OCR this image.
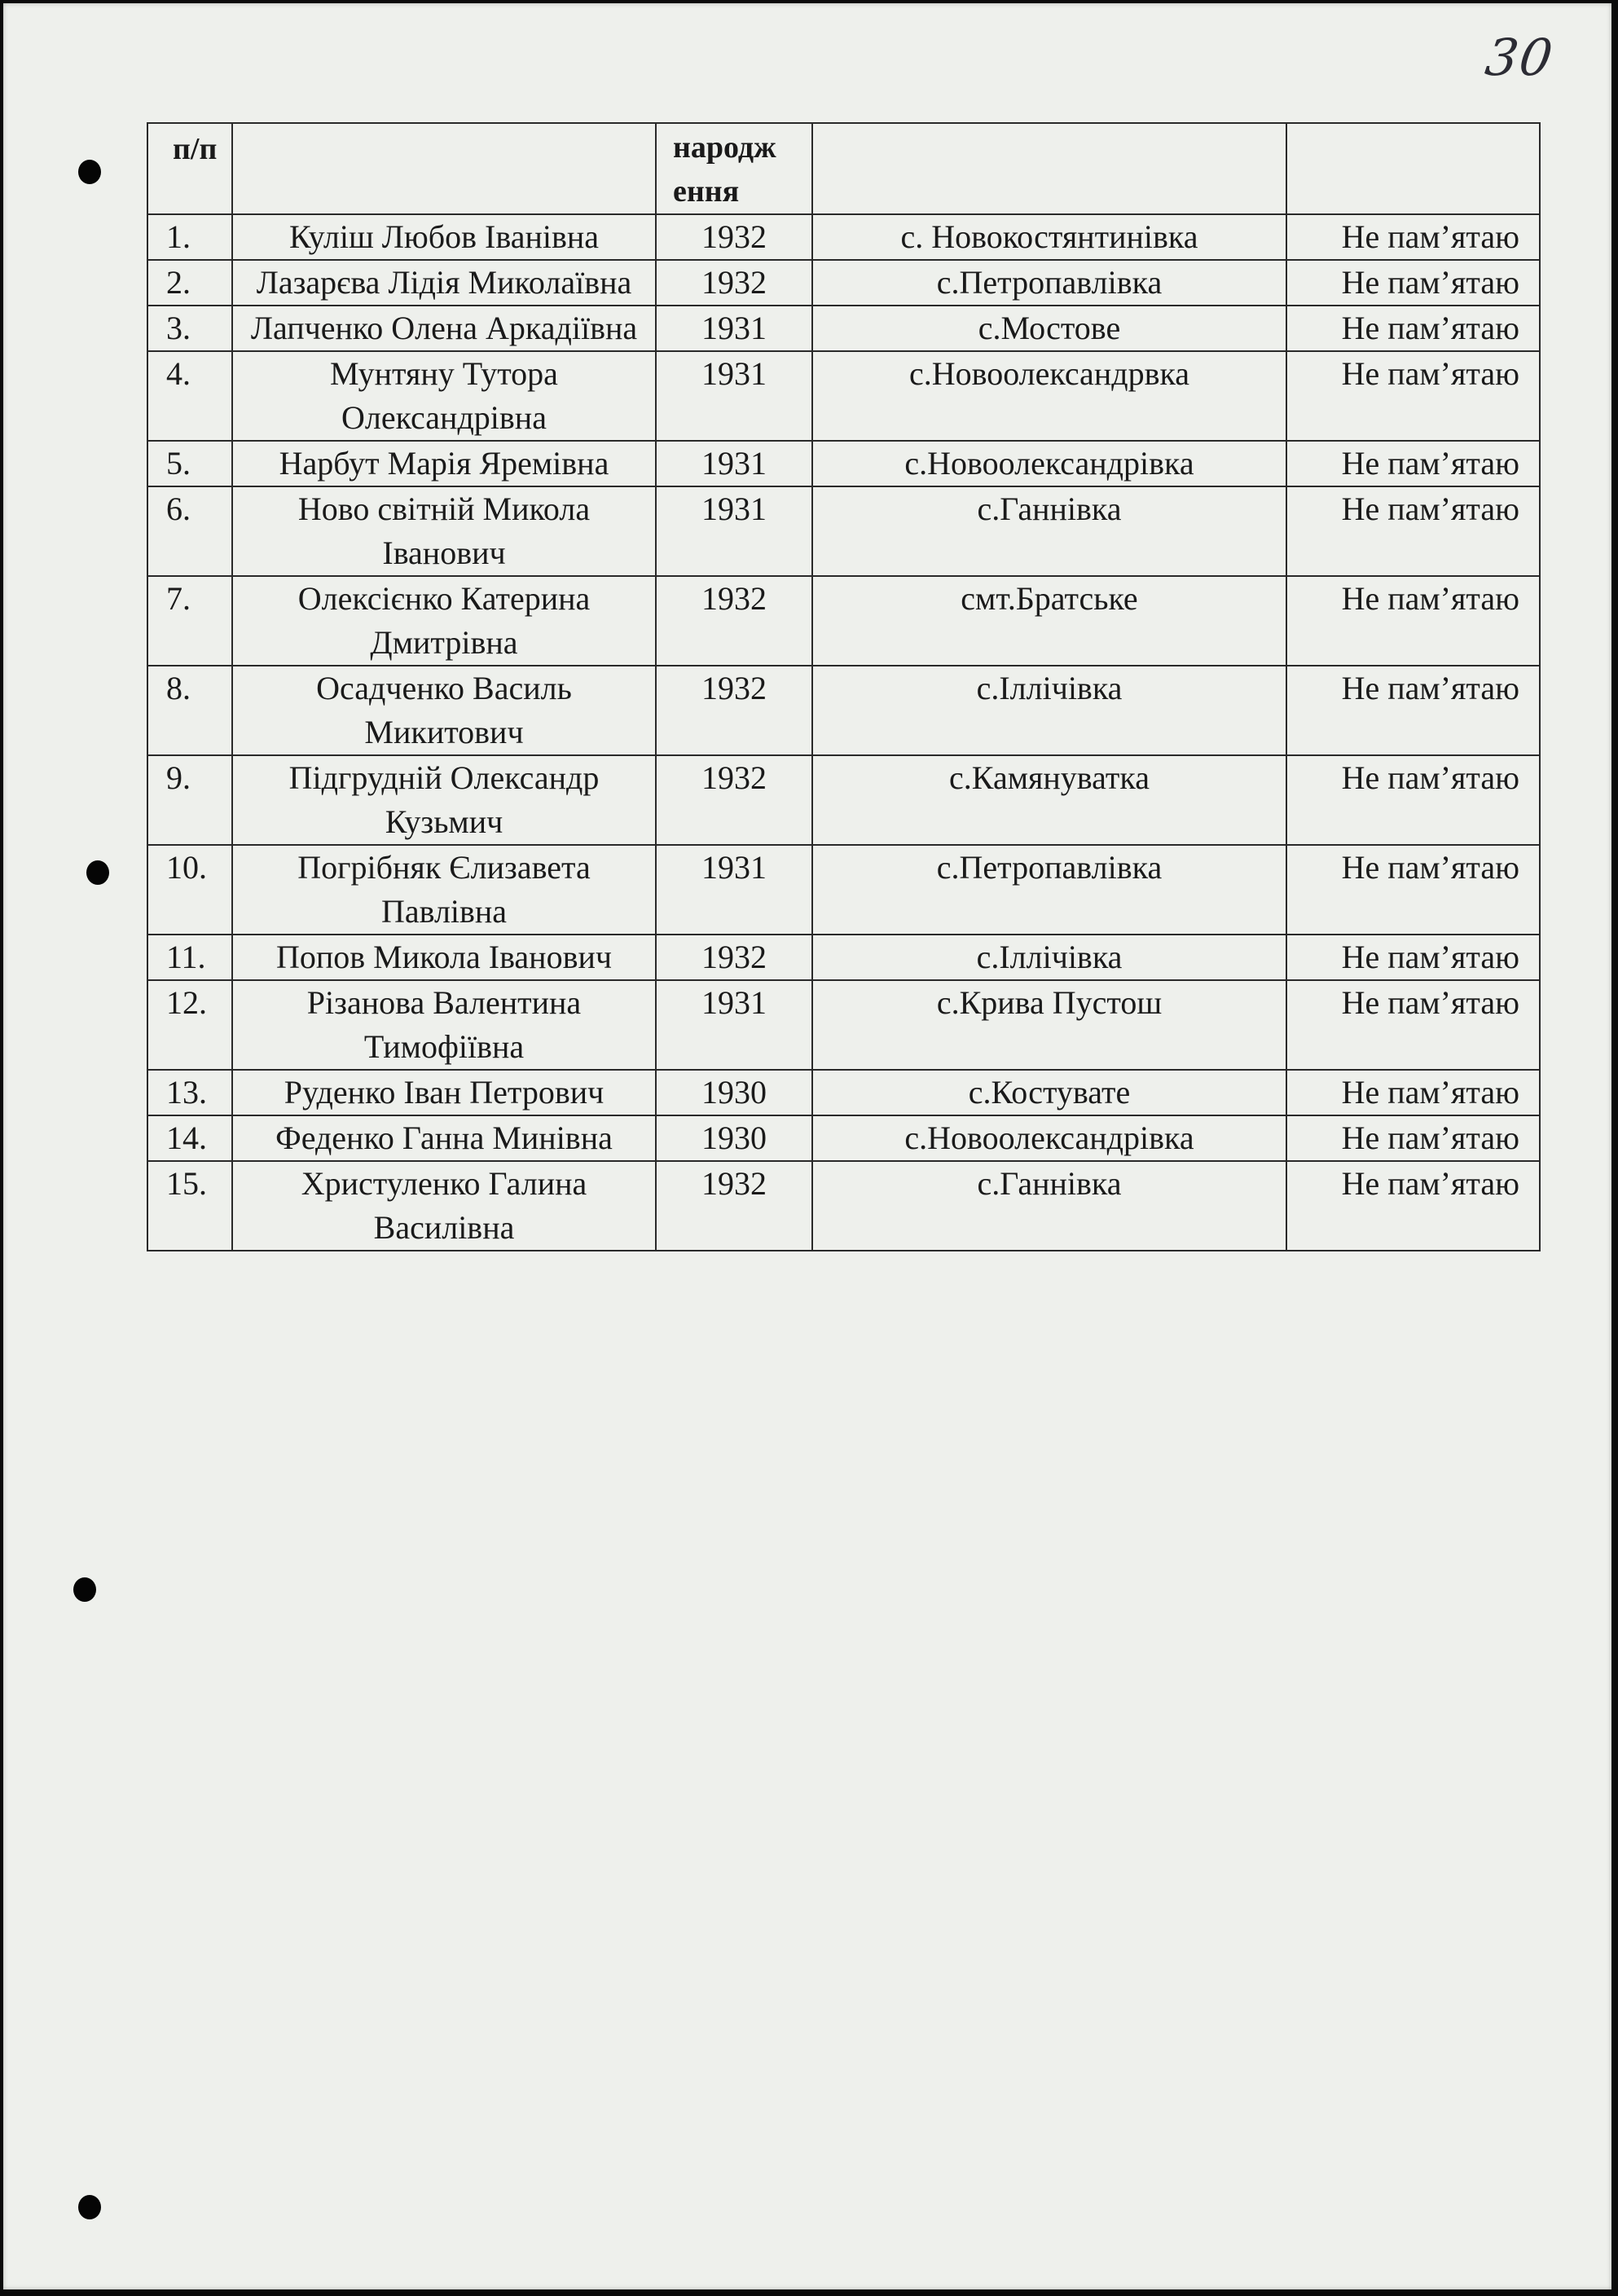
30
п/п		народж ення		
1.	Куліш Любов Іванівна	1932	с. Новокостянтинівка	Не пам’ятаю
2.	Лазарєва Лідія Миколаївна	1932	с.Петропавлівка	Не пам’ятаю
3.	Лапченко Олена Аркадіївна	1931	с.Мостове	Не пам’ятаю
4.	Мунтяну Тутора Олександрівна	1931	с.Новоолександрвка	Не пам’ятаю
5.	Нарбут Марія Яремівна	1931	с.Новоолександрівка	Не пам’ятаю
6.	Ново світній Микола Іванович	1931	с.Ганнівка	Не пам’ятаю
7.	Олексієнко Катерина Дмитрівна	1932	смт.Братське	Не пам’ятаю
8.	Осадченко Василь Микитович	1932	с.Іллічівка	Не пам’ятаю
9.	Підгрудній Олександр Кузьмич	1932	с.Камянуватка	Не пам’ятаю
10.	Погрібняк Єлизавета Павлівна	1931	с.Петропавлівка	Не пам’ятаю
11.	Попов Микола Іванович	1932	с.Іллічівка	Не пам’ятаю
12.	Різанова Валентина Тимофіївна	1931	с.Крива Пустош	Не пам’ятаю
13.	Руденко Іван Петрович	1930	с.Костувате	Не пам’ятаю
14.	Феденко Ганна Минівна	1930	с.Новоолександрівка	Не пам’ятаю
15.	Христуленко Галина Василівна	1932	с.Ганнівка	Не пам’ятаю
